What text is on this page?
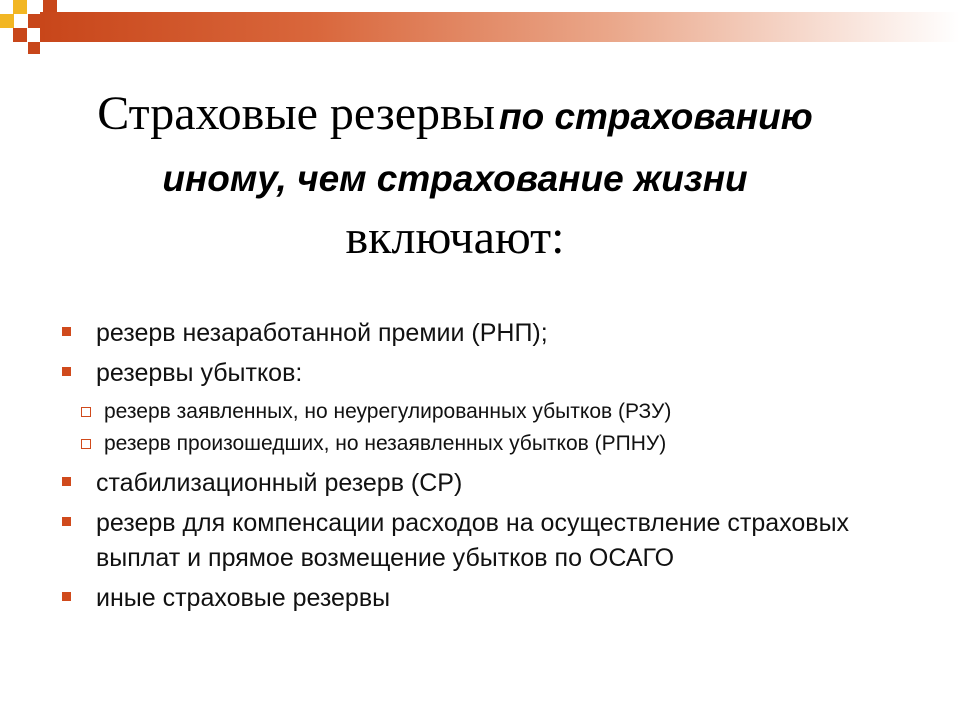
Страховые резервы по страхованию

иному, чем страхование жизни

включают:

резерв незаработанной премии (РНП);
резервы убытков:
резерв заявленных, но неурегулированных убытков (РЗУ)
резерв произошедших, но незаявленных убытков (РПНУ)
стабилизационный резерв (СР)
резерв для компенсации расходов на осуществление страховых выплат и прямое возмещение убытков по ОСАГО
иные страховые резервы
